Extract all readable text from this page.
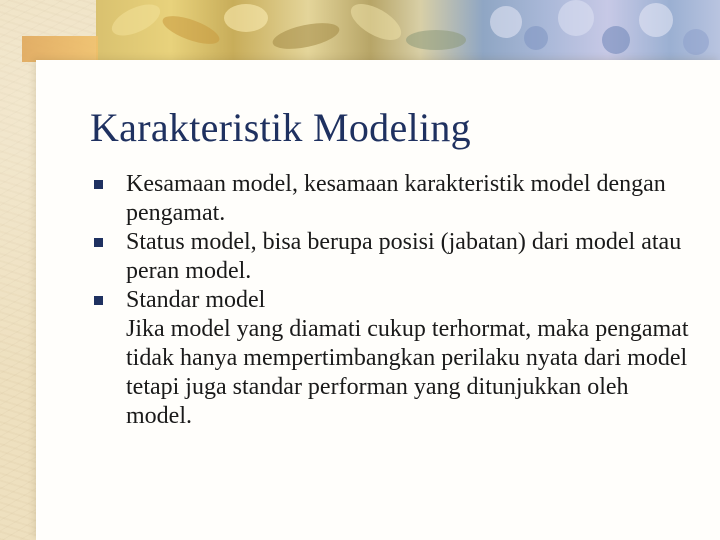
Karakteristik Modeling
Kesamaan model, kesamaan karakteristik model dengan pengamat.
Status model, bisa berupa posisi (jabatan) dari model atau peran model.
Standar model
Jika model yang diamati cukup terhormat, maka pengamat tidak hanya mempertimbangkan perilaku nyata dari model tetapi juga standar performan yang ditunjukkan oleh model.
